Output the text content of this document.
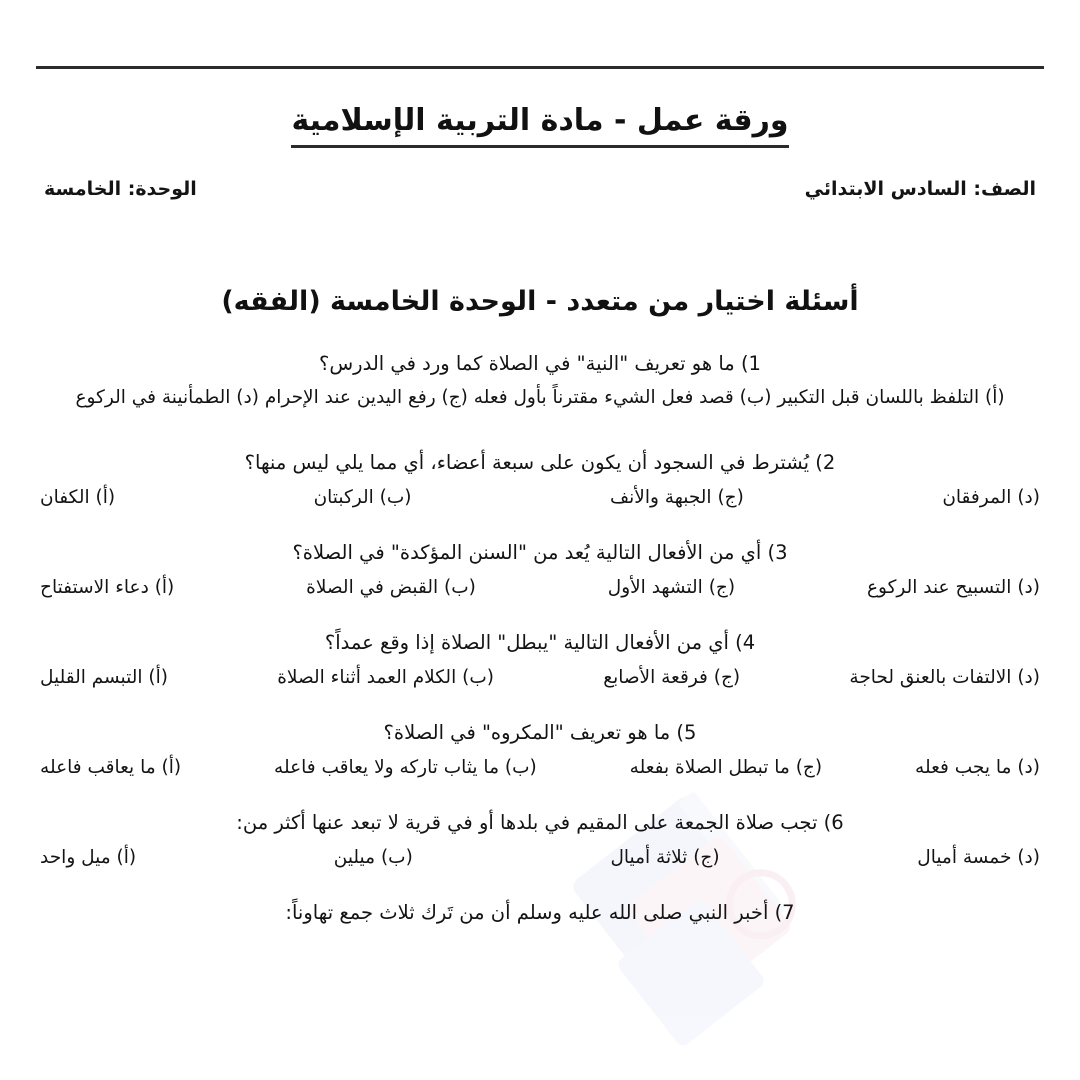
ورقة عمل - مادة التربية الإسلامية
الوحدة: الخامسة	الصف: السادس الابتدائي
أسئلة اختيار من متعدد - الوحدة الخامسة (الفقه)
1) ما هو تعريف "النية" في الصلاة كما ورد في الدرس؟
(أ) التلفظ باللسان قبل التكبير (ب) قصد فعل الشيء مقترناً بأول فعله (ج) رفع اليدين عند الإحرام (د) الطمأنينة في الركوع
2) يُشترط في السجود أن يكون على سبعة أعضاء، أي مما يلي ليس منها؟
(د) المرفقان
(ج) الجبهة والأنف
(ب) الركبتان
(أ) الكفان
3) أي من الأفعال التالية يُعد من "السنن المؤكدة" في الصلاة؟
(د) التسبيح عند الركوع
(ج) التشهد الأول
(ب) القبض في الصلاة
(أ) دعاء الاستفتاح
4) أي من الأفعال التالية "يبطل" الصلاة إذا وقع عمداً؟
(د) الالتفات بالعنق لحاجة
(ج) فرقعة الأصابع
(ب) الكلام العمد أثناء الصلاة
(أ) التبسم القليل
5) ما هو تعريف "المكروه" في الصلاة؟
(د) ما يجب فعله
(ج) ما تبطل الصلاة بفعله
(ب) ما يثاب تاركه ولا يعاقب فاعله
(أ) ما يعاقب فاعله
6) تجب صلاة الجمعة على المقيم في بلدها أو في قرية لا تبعد عنها أكثر من:
(د) خمسة أميال
(ج) ثلاثة أميال
(ب) ميلين
(أ) ميل واحد
7) أخبر النبي صلى الله عليه وسلم أن من تَرك ثلاث جمع تهاوناً:
